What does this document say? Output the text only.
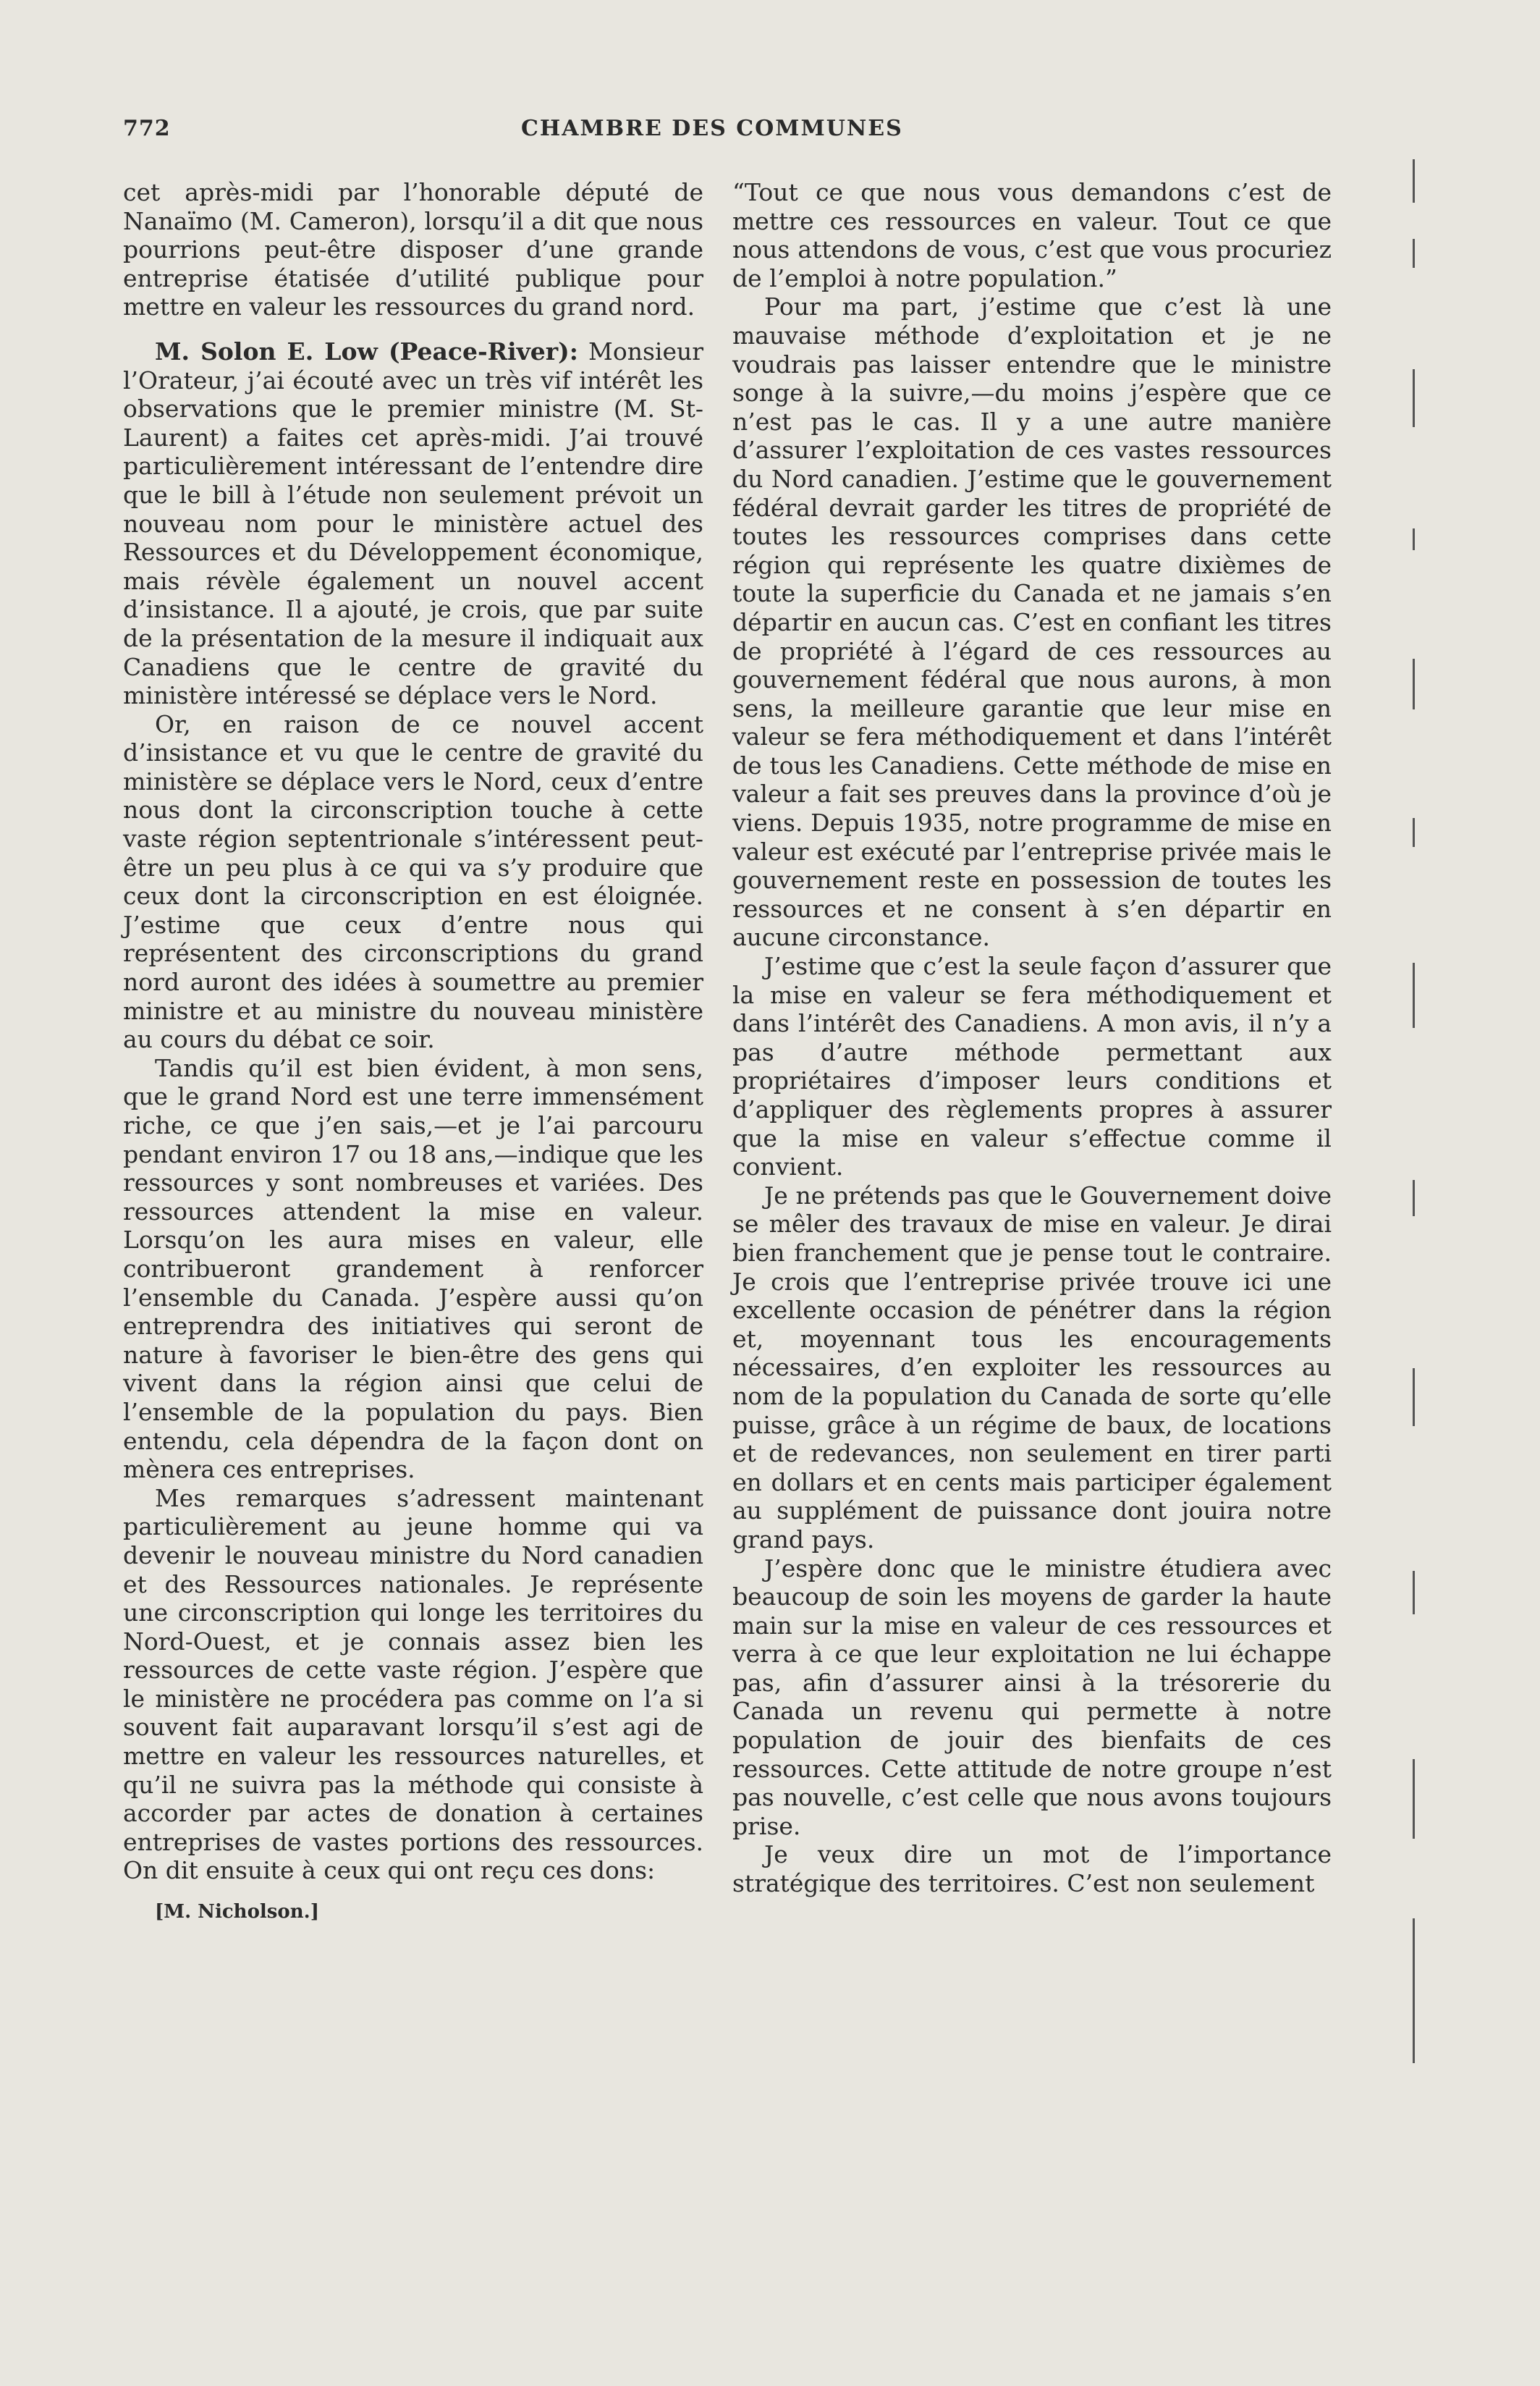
772	CHAMBRE DES COMMUNES

cet après-midi par l’honorable député de Nanaïmo (M. Cameron), lorsqu’il a dit que nous pourrions peut-être disposer d’une grande entreprise étatisée d’utilité publique pour mettre en valeur les ressources du grand nord.

M. Solon E. Low (Peace-River): Monsieur l’Orateur, j’ai écouté avec un très vif intérêt les observations que le premier ministre (M. St-Laurent) a faites cet après-midi. J’ai trouvé particulièrement intéressant de l’entendre dire que le bill à l’étude non seulement prévoit un nouveau nom pour le ministère actuel des Ressources et du Développement économique, mais révèle également un nouvel accent d’insistance. Il a ajouté, je crois, que par suite de la présentation de la mesure il indiquait aux Canadiens que le centre de gravité du ministère intéressé se déplace vers le Nord.

Or, en raison de ce nouvel accent d’insistance et vu que le centre de gravité du ministère se déplace vers le Nord, ceux d’entre nous dont la circonscription touche à cette vaste région septentrionale s’intéressent peut-être un peu plus à ce qui va s’y produire que ceux dont la circonscription en est éloignée. J’estime que ceux d’entre nous qui représentent des circonscriptions du grand nord auront des idées à soumettre au premier ministre et au ministre du nouveau ministère au cours du débat ce soir.

Tandis qu’il est bien évident, à mon sens, que le grand Nord est une terre immensément riche, ce que j’en sais,—et je l’ai parcouru pendant environ 17 ou 18 ans,—indique que les ressources y sont nombreuses et variées. Des ressources attendent la mise en valeur. Lorsqu’on les aura mises en valeur, elle contribueront grandement à renforcer l’ensemble du Canada. J’espère aussi qu’on entreprendra des initiatives qui seront de nature à favoriser le bien-être des gens qui vivent dans la région ainsi que celui de l’ensemble de la population du pays. Bien entendu, cela dépendra de la façon dont on mènera ces entreprises.

Mes remarques s’adressent maintenant particulièrement au jeune homme qui va devenir le nouveau ministre du Nord canadien et des Ressources nationales. Je représente une circonscription qui longe les territoires du Nord-Ouest, et je connais assez bien les ressources de cette vaste région. J’espère que le ministère ne procédera pas comme on l’a si souvent fait auparavant lorsqu’il s’est agi de mettre en valeur les ressources naturelles, et qu’il ne suivra pas la méthode qui consiste à accorder par actes de donation à certaines entreprises de vastes portions des ressources. On dit ensuite à ceux qui ont reçu ces dons:

[M. Nicholson.]

“Tout ce que nous vous demandons c’est de mettre ces ressources en valeur. Tout ce que nous attendons de vous, c’est que vous procuriez de l’emploi à notre population.”

Pour ma part, j’estime que c’est là une mauvaise méthode d’exploitation et je ne voudrais pas laisser entendre que le ministre songe à la suivre,—du moins j’espère que ce n’est pas le cas. Il y a une autre manière d’assurer l’exploitation de ces vastes ressources du Nord canadien. J’estime que le gouvernement fédéral devrait garder les titres de propriété de toutes les ressources comprises dans cette région qui représente les quatre dixièmes de toute la superficie du Canada et ne jamais s’en départir en aucun cas. C’est en confiant les titres de propriété à l’égard de ces ressources au gouvernement fédéral que nous aurons, à mon sens, la meilleure garantie que leur mise en valeur se fera méthodiquement et dans l’intérêt de tous les Canadiens. Cette méthode de mise en valeur a fait ses preuves dans la province d’où je viens. Depuis 1935, notre programme de mise en valeur est exécuté par l’entreprise privée mais le gouvernement reste en possession de toutes les ressources et ne consent à s’en départir en aucune circonstance.

J’estime que c’est la seule façon d’assurer que la mise en valeur se fera méthodiquement et dans l’intérêt des Canadiens. A mon avis, il n’y a pas d’autre méthode permettant aux propriétaires d’imposer leurs conditions et d’appliquer des règlements propres à assurer que la mise en valeur s’effectue comme il convient.

Je ne prétends pas que le Gouvernement doive se mêler des travaux de mise en valeur. Je dirai bien franchement que je pense tout le contraire. Je crois que l’entreprise privée trouve ici une excellente occasion de pénétrer dans la région et, moyennant tous les encouragements nécessaires, d’en exploiter les ressources au nom de la population du Canada de sorte qu’elle puisse, grâce à un régime de baux, de locations et de redevances, non seulement en tirer parti en dollars et en cents mais participer également au supplément de puissance dont jouira notre grand pays.

J’espère donc que le ministre étudiera avec beaucoup de soin les moyens de garder la haute main sur la mise en valeur de ces ressources et verra à ce que leur exploitation ne lui échappe pas, afin d’assurer ainsi à la trésorerie du Canada un revenu qui permette à notre population de jouir des bienfaits de ces ressources. Cette attitude de notre groupe n’est pas nouvelle, c’est celle que nous avons toujours prise.

Je veux dire un mot de l’importance stratégique des territoires. C’est non seulement
